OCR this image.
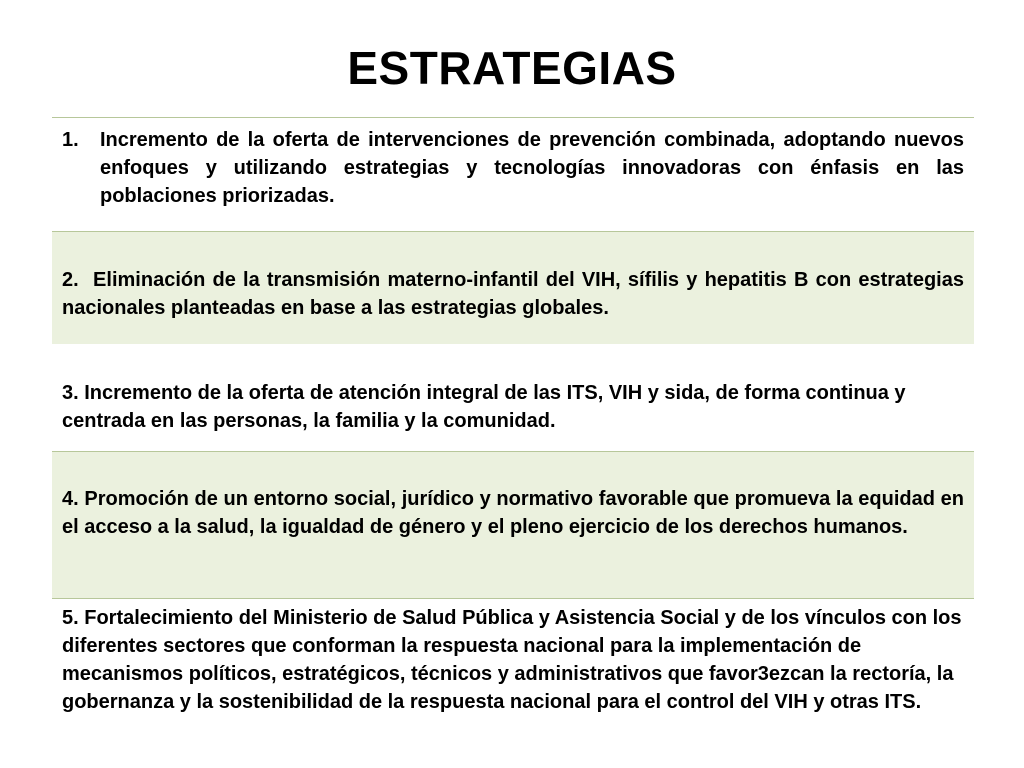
ESTRATEGIAS
1.	Incremento de la oferta de intervenciones de prevención combinada, adoptando nuevos enfoques y utilizando estrategias y tecnologías innovadoras con énfasis en las poblaciones priorizadas.
2.  Eliminación de la transmisión materno-infantil del VIH, sífilis y hepatitis B con estrategias nacionales planteadas en base a las estrategias globales.
3. Incremento de la oferta de atención integral de las ITS, VIH y sida, de forma continua y centrada en las personas, la familia y la comunidad.
4. Promoción de un entorno social, jurídico y normativo favorable que promueva la equidad en el acceso a la salud, la igualdad de género y el pleno ejercicio de los derechos humanos.
5. Fortalecimiento del Ministerio de Salud Pública y Asistencia Social y de los vínculos con los diferentes sectores que conforman la respuesta nacional para la implementación de mecanismos políticos, estratégicos, técnicos y administrativos que favor3ezcan la rectoría, la gobernanza y la sostenibilidad de la respuesta nacional para el control del VIH y otras ITS.
